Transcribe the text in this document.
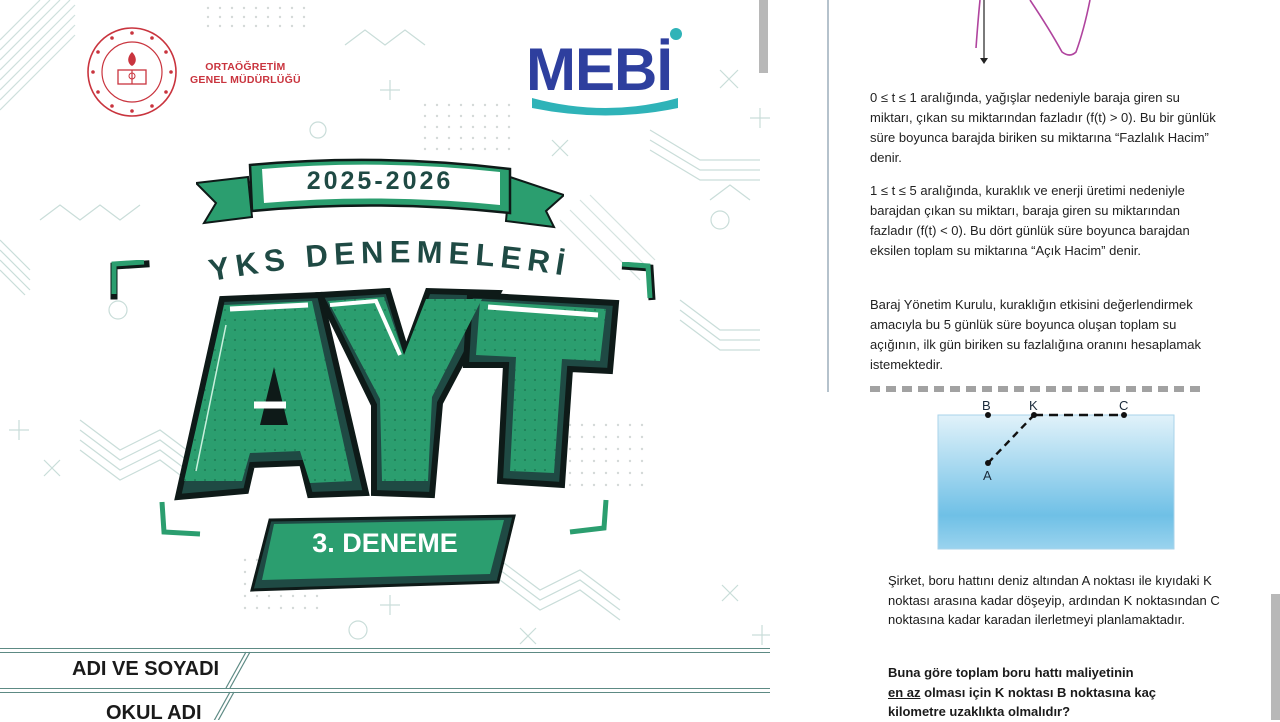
ORTAÖĞRETİM
GENEL MÜDÜRLÜĞÜ	MEBİ
2025-2026
YKS DENEMELERİ
3. DENEME
ADI VE SOYADI
OKUL ADI

0 ≤ t ≤ 1 aralığında, yağışlar nedeniyle baraja giren su miktarı, çıkan su miktarından fazladır (f(t) > 0). Bu bir günlük süre boyunca barajda biriken su miktarına “Fazlalık Hacim” denir.

1 ≤ t ≤ 5 aralığında, kuraklık ve enerji üretimi nedeniyle barajdan çıkan su miktarı, baraja giren su miktarından fazladır (f(t) < 0). Bu dört günlük süre boyunca barajdan eksilen toplam su miktarına “Açık Hacim” denir.

Baraj Yönetim Kurulu, kuraklığın etkisini değerlendirmek amacıyla bu 5 günlük süre boyunca oluşan toplam su açığının, ilk gün biriken su fazlalığına oranını hesaplamak istemektedir.

B	K	C
A

Şirket, boru hattını deniz altından A noktası ile kıyıdaki K noktası arasına kadar döşeyip, ardından K noktasından C noktasına kadar karadan ilerletmeyi planlamaktadır.

Buna göre toplam boru hattı maliyetinin
en az olması için K noktası B noktasına kaç
kilometre uzaklıkta olmalıdır?
